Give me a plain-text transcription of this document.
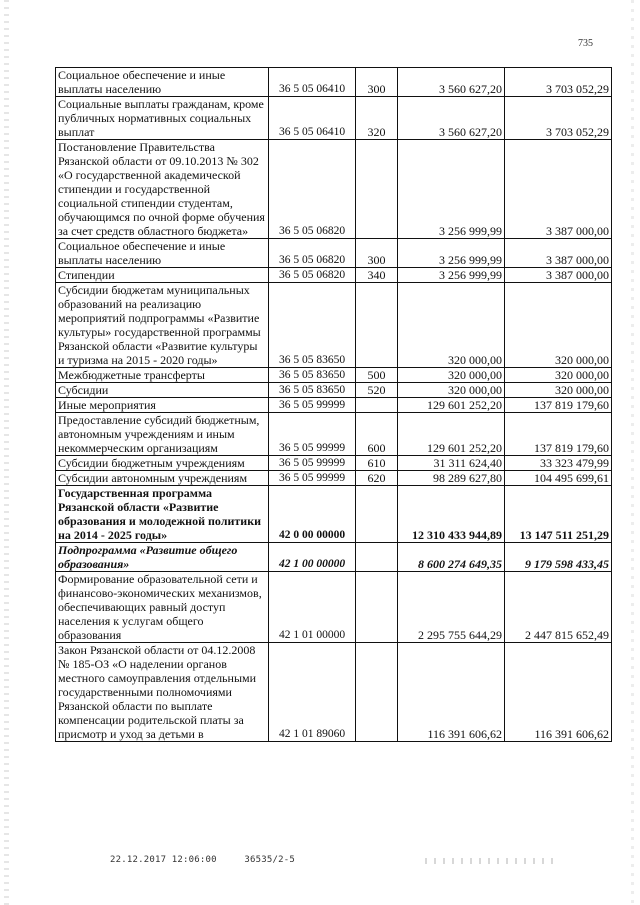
735
Социальное обеспечение и иные выплаты населению	36 5 05 06410	300	3 560 627,20	3 703 052,29
Социальные выплаты гражданам, кроме публичных нормативных социальных выплат	36 5 05 06410	320	3 560 627,20	3 703 052,29
Постановление Правительства Рязанской области от 09.10.2013 № 302 «О государственной академической стипендии и государственной социальной стипендии студентам, обучающимся по очной форме обучения за счет средств областного бюджета»	36 5 05 06820		3 256 999,99	3 387 000,00
Социальное обеспечение и иные выплаты населению	36 5 05 06820	300	3 256 999,99	3 387 000,00
Стипендии	36 5 05 06820	340	3 256 999,99	3 387 000,00
Субсидии бюджетам муниципальных образований на реализацию мероприятий подпрограммы «Развитие культуры» государственной программы Рязанской области «Развитие культуры и туризма на 2015 - 2020 годы»	36 5 05 83650		320 000,00	320 000,00
Межбюджетные трансферты	36 5 05 83650	500	320 000,00	320 000,00
Субсидии	36 5 05 83650	520	320 000,00	320 000,00
Иные мероприятия	36 5 05 99999		129 601 252,20	137 819 179,60
Предоставление субсидий бюджетным, автономным учреждениям и иным некоммерческим организациям	36 5 05 99999	600	129 601 252,20	137 819 179,60
Субсидии бюджетным учреждениям	36 5 05 99999	610	31 311 624,40	33 323 479,99
Субсидии автономным учреждениям	36 5 05 99999	620	98 289 627,80	104 495 699,61
Государственная программа Рязанской области «Развитие образования и молодежной политики на 2014 - 2025 годы»	42 0 00 00000		12 310 433 944,89	13 147 511 251,29
Подпрограмма «Развитие общего образования»	42 1 00 00000		8 600 274 649,35	9 179 598 433,45
Формирование образовательной сети и финансово-экономических механизмов, обеспечивающих равный доступ населения к услугам общего образования	42 1 01 00000		2 295 755 644,29	2 447 815 652,49
Закон Рязанской области от 04.12.2008 № 185-ОЗ «О наделении органов местного самоуправления отдельными государственными полномочиями Рязанской области по выплате компенсации родительской платы за присмотр и уход за детьми в	42 1 01 89060		116 391 606,62	116 391 606,62
22.12.2017 12:06:00	36535/2-5
